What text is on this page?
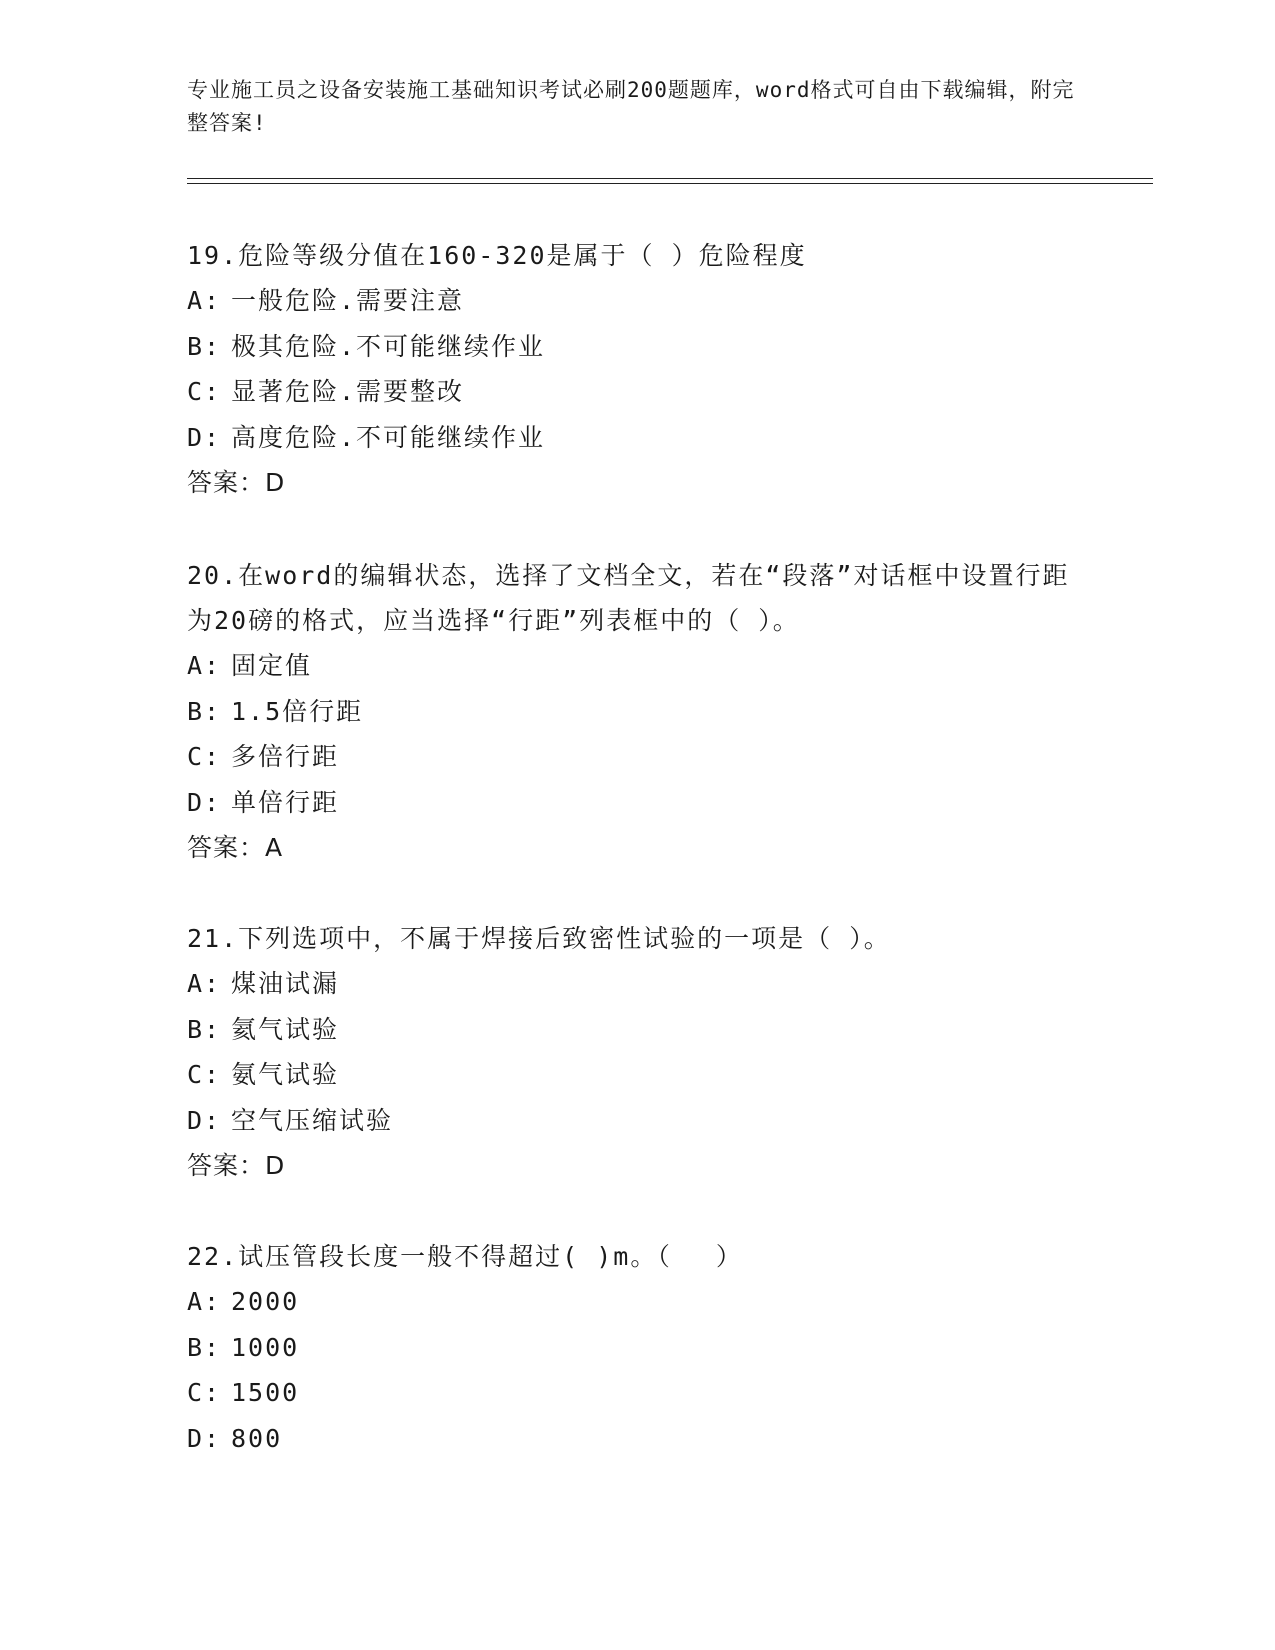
专业施工员之设备安装施工基础知识考试必刷200题题库，word格式可自由下载编辑，附完整答案!
19.危险等级分值在160-320是属于（ ）危险程度
A: 一般危险.需要注意
B: 极其危险.不可能继续作业
C: 显著危险.需要整改
D: 高度危险.不可能继续作业
答案：D
20.在word的编辑状态，选择了文档全文，若在“段落”对话框中设置行距为20磅的格式，应当选择“行距”列表框中的（ ）。
A: 固定值
B: 1.5倍行距
C: 多倍行距
D: 单倍行距
答案：A
21.下列选项中，不属于焊接后致密性试验的一项是（ ）。
A: 煤油试漏
B: 氦气试验
C: 氨气试验
D: 空气压缩试验
答案：D
22.试压管段长度一般不得超过( )m。（　 ）
A: 2000
B: 1000
C: 1500
D: 800
